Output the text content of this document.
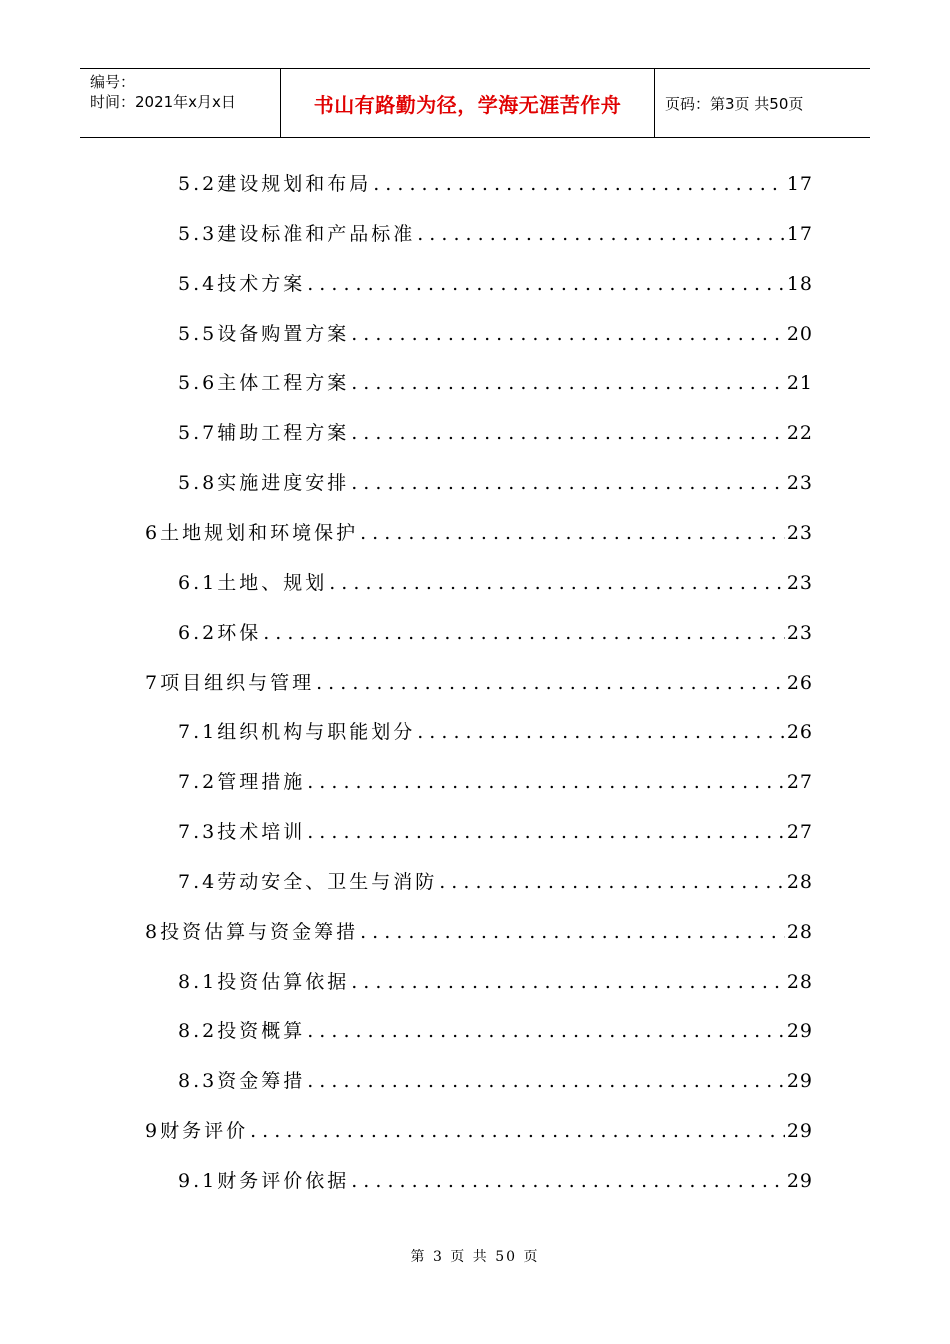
编号：
时间：2021年x月x日	书山有路勤为径，学海无涯苦作舟	页码：第3页 共50页
5.2建设规划和布局 . . .	17
5.3建设标准和产品标准 . . .	17
5.4技术方案 . . .	18
5.5设备购置方案 . . .	20
5.6主体工程方案 . . .	21
5.7辅助工程方案 . . .	22
5.8实施进度安排 . . .	23
6土地规划和环境保护 . . .	23
6.1土地、规划 . . .	23
6.2环保 . . .	23
7项目组织与管理 . . .	26
7.1组织机构与职能划分 . . .	26
7.2管理措施 . . .	27
7.3技术培训 . . .	27
7.4劳动安全、卫生与消防 . . .	28
8投资估算与资金筹措 . . .	28
8.1投资估算依据 . . .	28
8.2投资概算 . . .	29
8.3资金筹措 . . .	29
9财务评价 . . .	29
9.1财务评价依据 . . .	29
第 3 页 共 50 页
